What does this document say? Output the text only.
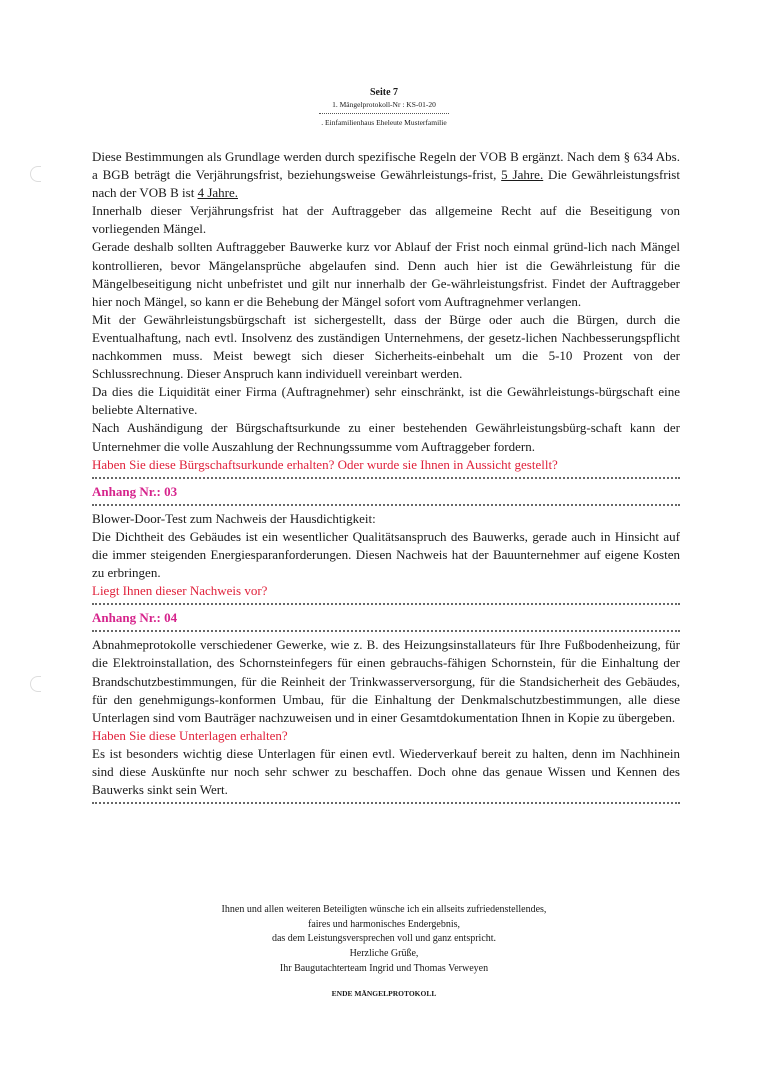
Seite 7
1. Mängelprotokoll-Nr : KS-01-20
. Einfamilienhaus Eheleute Musterfamilie

Diese Bestimmungen als Grundlage werden durch spezifische Regeln der VOB B ergänzt. Nach dem § 634 Abs. a BGB beträgt die Verjährungsfrist, beziehungsweise Gewährleistungs-frist, 5 Jahre. Die Gewährleistungsfrist nach der VOB B ist 4 Jahre.

Innerhalb dieser Verjährungsfrist hat der Auftraggeber das allgemeine Recht auf die Beseitigung von vorliegenden Mängel.

Gerade deshalb sollten Auftraggeber Bauwerke kurz vor Ablauf der Frist noch einmal gründ-lich nach Mängel kontrollieren, bevor Mängelansprüche abgelaufen sind. Denn auch hier ist die Gewährleistung für die Mängelbeseitigung nicht unbefristet und gilt nur innerhalb der Ge-währleistungsfrist. Findet der Auftraggeber hier noch Mängel, so kann er die Behebung der Mängel sofort vom Auftragnehmer verlangen.

Mit der Gewährleistungsbürgschaft ist sichergestellt, dass der Bürge oder auch die Bürgen, durch die Eventualhaftung, nach evtl. Insolvenz des zuständigen Unternehmens, der gesetz-lichen Nachbesserungspflicht nachkommen muss. Meist bewegt sich dieser Sicherheits-einbehalt um die 5-10 Prozent von der Schlussrechnung. Dieser Anspruch kann individuell vereinbart werden.

Da dies die Liquidität einer Firma (Auftragnehmer) sehr einschränkt, ist die Gewährleistungs-bürgschaft eine beliebte Alternative.

Nach Aushändigung der Bürgschaftsurkunde zu einer bestehenden Gewährleistungsbürg-schaft kann der Unternehmer die volle Auszahlung der Rechnungssumme vom Auftraggeber fordern.

Haben Sie diese Bürgschaftsurkunde erhalten? Oder wurde sie Ihnen in Aussicht gestellt?

Anhang Nr.: 03

Blower-Door-Test zum Nachweis der Hausdichtigkeit:

Die Dichtheit des Gebäudes ist ein wesentlicher Qualitätsanspruch des Bauwerks, gerade auch in Hinsicht auf die immer steigenden Energiesparanforderungen. Diesen Nachweis hat der Bauunternehmer auf eigene Kosten zu erbringen.

Liegt Ihnen dieser Nachweis vor?

Anhang Nr.: 04

Abnahmeprotokolle verschiedener Gewerke, wie z. B. des Heizungsinstallateurs für Ihre Fußbodenheizung, für die Elektroinstallation, des Schornsteinfegers für einen gebrauchs-fähigen Schornstein, für die Einhaltung der Brandschutzbestimmungen, für die Reinheit der Trinkwasserversorgung, für die Standsicherheit des Gebäudes, für den genehmigungs-konformen Umbau, für die Einhaltung der Denkmalschutzbestimmungen, alle diese Unterlagen sind vom Bauträger nachzuweisen und in einer Gesamtdokumentation Ihnen in Kopie zu übergeben.

Haben Sie diese Unterlagen erhalten?

Es ist besonders wichtig diese Unterlagen für einen evtl. Wiederverkauf bereit zu halten, denn im Nachhinein sind diese Auskünfte nur noch sehr schwer zu beschaffen. Doch ohne das genaue Wissen und Kennen des Bauwerks sinkt sein Wert.

Ihnen und allen weiteren Beteiligten wünsche ich ein allseits zufriedenstellendes,
faires und harmonisches Endergebnis,
das dem Leistungsversprechen voll und ganz entspricht.
Herzliche Grüße,
Ihr Baugutachterteam Ingrid und Thomas Verweyen
ENDE MÄNGELPROTOKOLL
